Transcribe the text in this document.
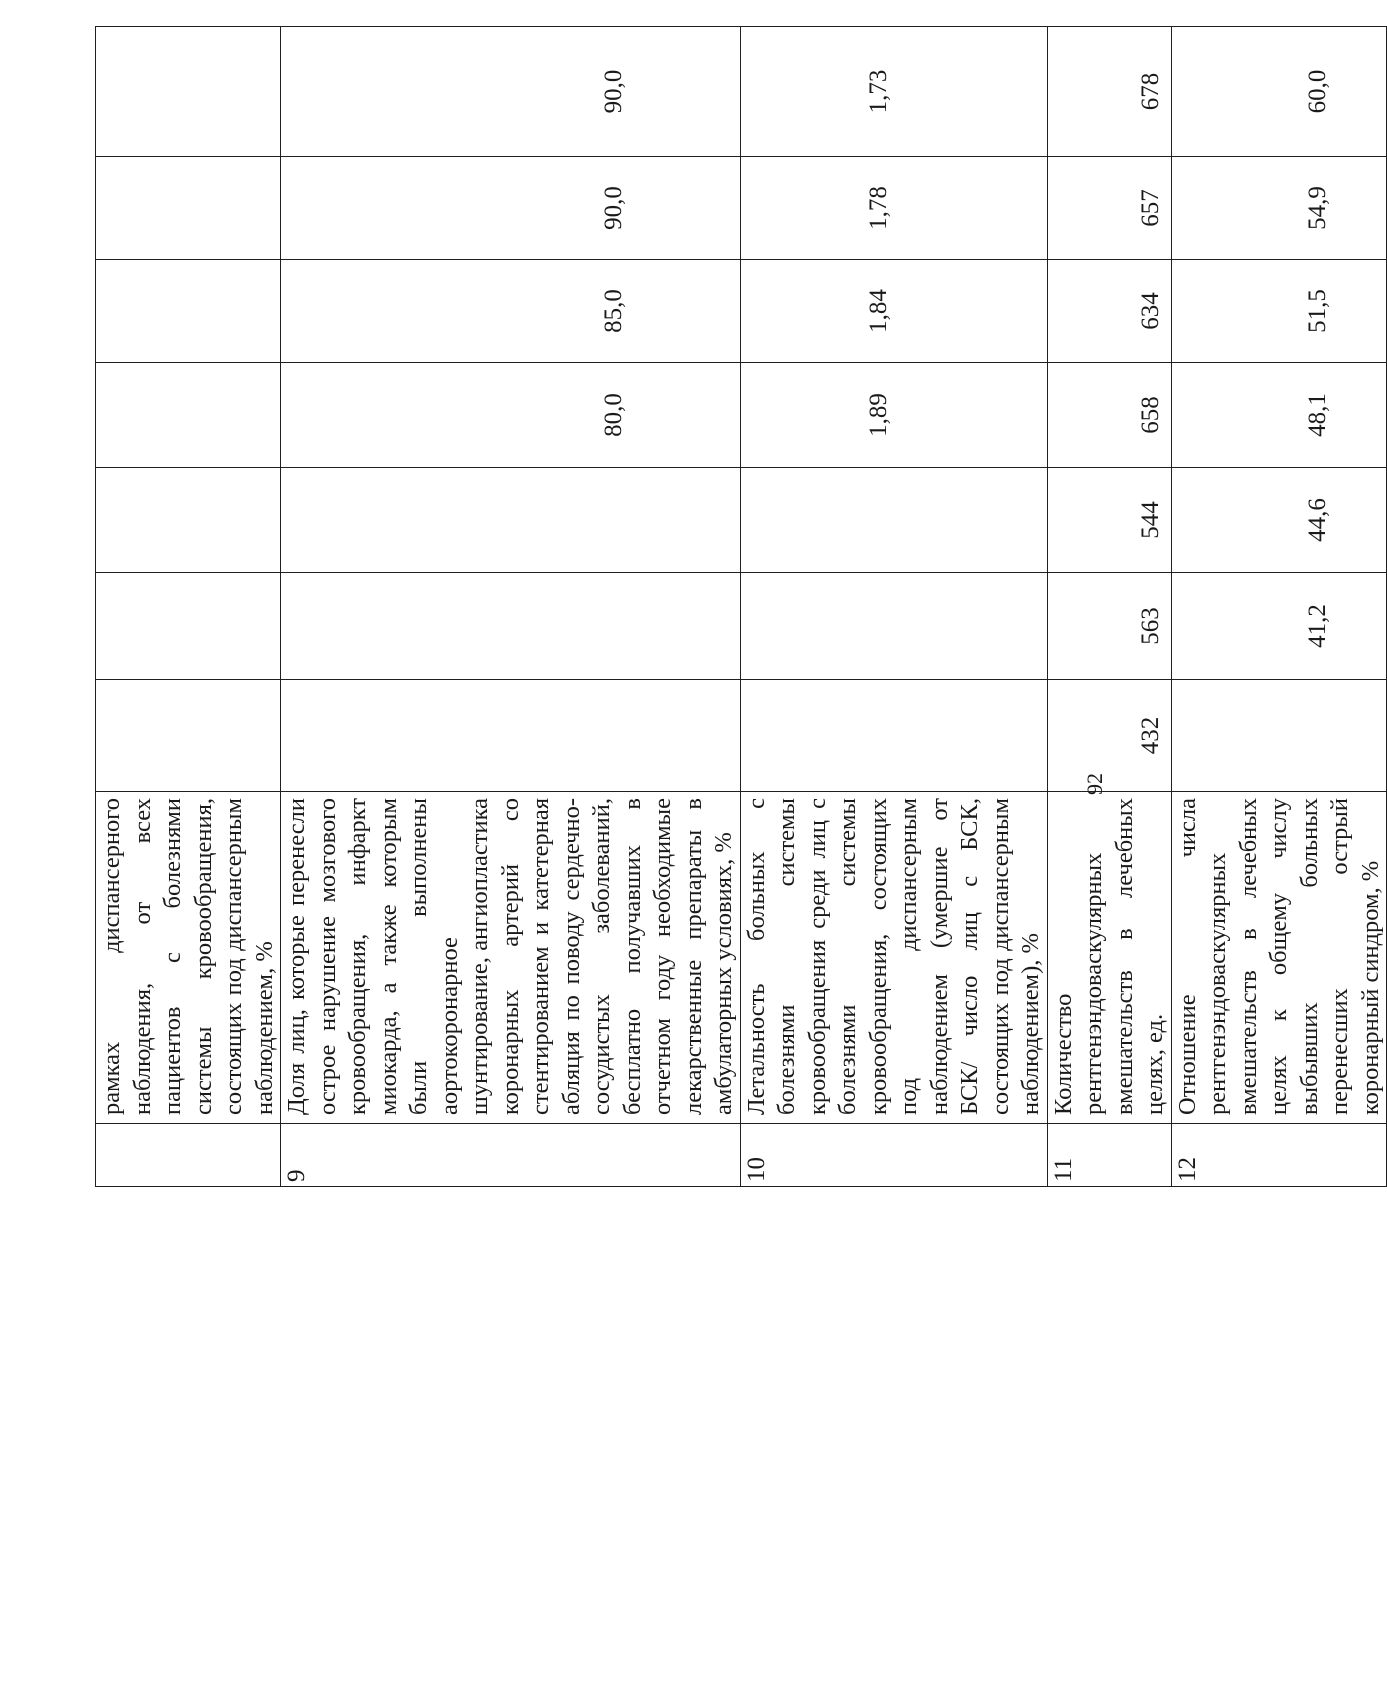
	рамках диспансерного наблюдения, от всех пациентов с болезнями системы кровообращения, состоящих под диспансерным наблюдением, %	

9	Доля лиц, которые перенесли острое нарушение мозгового кровообращения, инфаркт миокарда, а также которым были выполнены аортокоронарное шунтирование, ангиопластика коронарных артерий со стентированием и катетерная абляция по поводу сердечно-сосудистых заболеваний, бесплатно получавших в отчетном году необходимые лекарственные препараты в амбулаторных условиях, %				80,0	85,0	90,0	90,0

10	Летальность больных с болезнями системы кровообращения среди лиц с болезнями системы кровообращения, состоящих под диспансерным наблюдением (умершие от БСК/ число лиц с БСК, состоящих под диспансерным наблюдением), %				1,89	1,84	1,78	1,73

11	Количество рентгенэндоваскулярных вмешательств в лечебных целях, ед.	432	563	544	658	634	657	678

12	Отношение числа рентгенэндоваскулярных вмешательств в лечебных целях к общему числу выбывших больных перенесших острый коронарный синдром, %		41,2	44,6	48,1	51,5	54,9	60,0
92
